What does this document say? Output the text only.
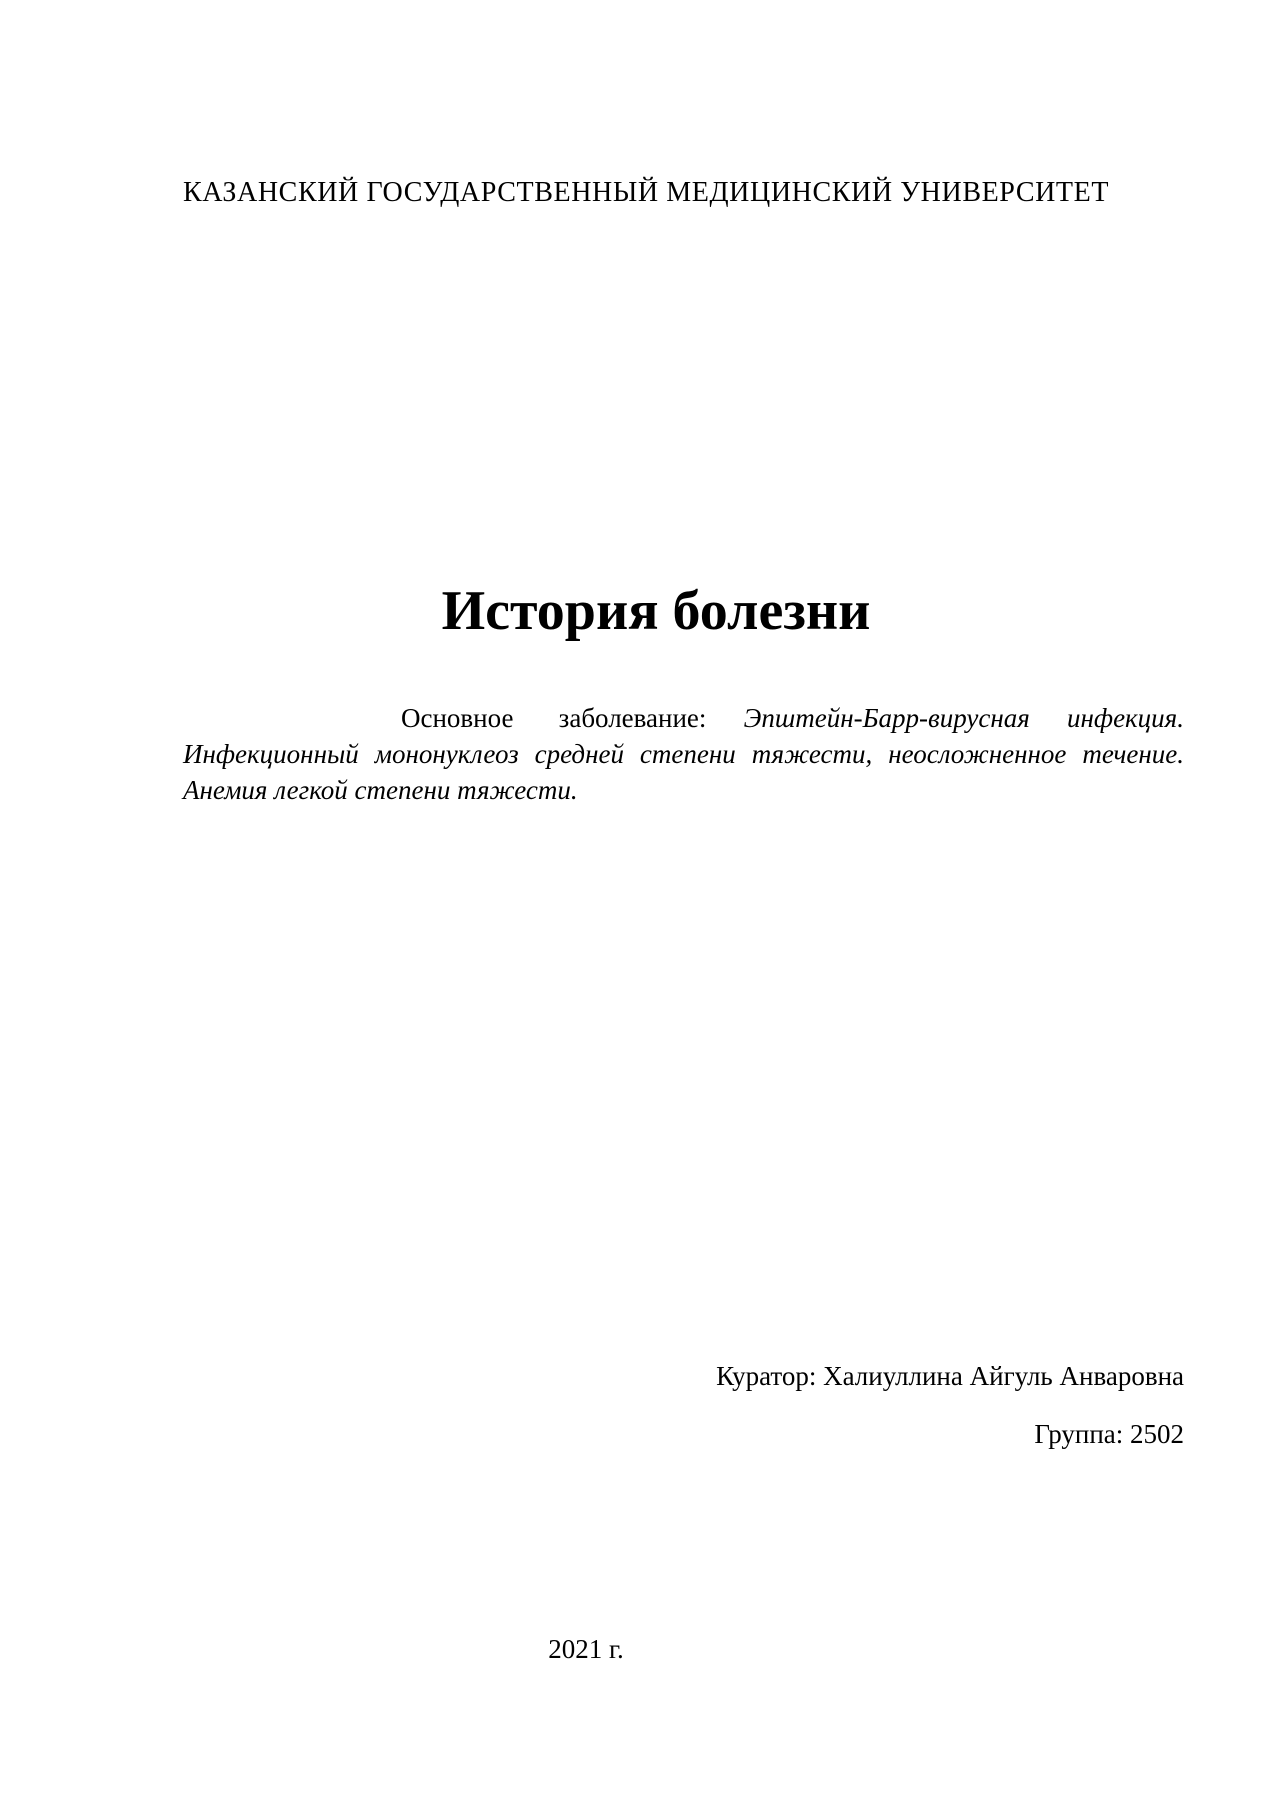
КАЗАНСКИЙ ГОСУДАРСТВЕННЫЙ МЕДИЦИНСКИЙ УНИВЕРСИТЕТ
История болезни

Основное заболевание: Эпштейн-Барр-вирусная инфекция. Инфекционный мононуклеоз средней степени тяжести, неосложненное течение. Анемия легкой степени тяжести.

Куратор: Халиуллина Айгуль Анваровна
Группа: 2502
2021 г.
